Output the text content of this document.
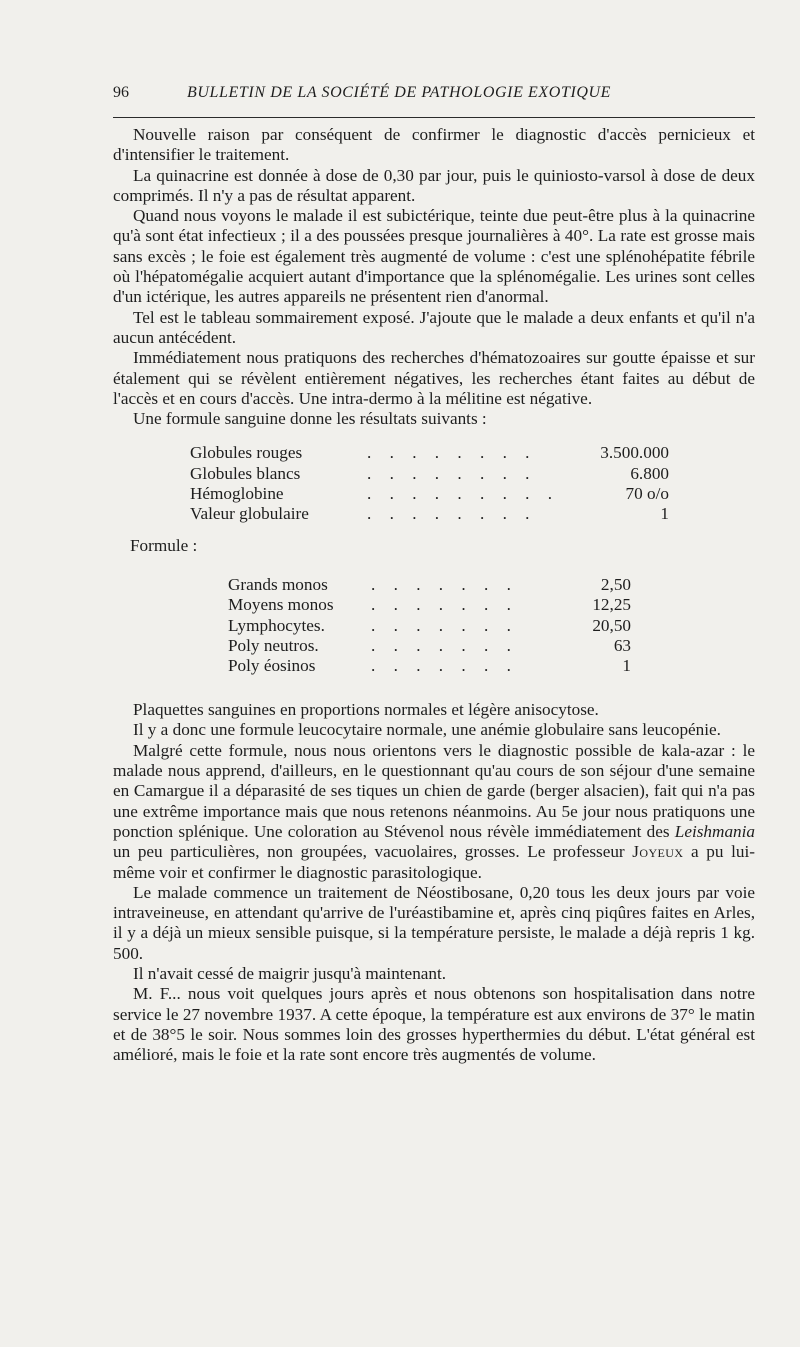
96	BULLETIN DE LA SOCIÉTÉ DE PATHOLOGIE EXOTIQUE

Nouvelle raison par conséquent de confirmer le diagnostic d'accès pernicieux et d'intensifier le traitement.

La quinacrine est donnée à dose de 0,30 par jour, puis le quiniosto-varsol à dose de deux comprimés. Il n'y a pas de résultat apparent.

Quand nous voyons le malade il est subictérique, teinte due peut-être plus à la quinacrine qu'à sont état infectieux ; il a des poussées presque journalières à 40°. La rate est grosse mais sans excès ; le foie est également très augmenté de volume : c'est une splénohépatite fébrile où l'hépatomégalie acquiert autant d'importance que la splénomégalie. Les urines sont celles d'un ictérique, les autres appareils ne présentent rien d'anormal.

Tel est le tableau sommairement exposé. J'ajoute que le malade a deux enfants et qu'il n'a aucun antécédent.

Immédiatement nous pratiquons des recherches d'hématozoaires sur goutte épaisse et sur étalement qui se révèlent entièrement négatives, les recherches étant faites au début de l'accès et en cours d'accès. Une intra-dermo à la mélitine est négative.

Une formule sanguine donne les résultats suivants :

Globules rouges	. . . . . . . .	3.500.000
Globules blancs	. . . . . . . .	6.800
Hémoglobine	. . . . . . . . .	70 o/o
Valeur globulaire	. . . . . . . .	1
Formule :
Grands monos	. . . . . . .	2,50
Moyens monos . . . . . . .	12,25
Lymphocytes.	. . . . . . .	20,50
Poly neutros.	. . . . . . .	63
Poly éosinos	. . . . . . .	1

Plaquettes sanguines en proportions normales et légère anisocytose.

Il y a donc une formule leucocytaire normale, une anémie globulaire sans leucopénie.

Malgré cette formule, nous nous orientons vers le diagnostic possible de kala-azar : le malade nous apprend, d'ailleurs, en le questionnant qu'au cours de son séjour d'une semaine en Camargue il a déparasité de ses tiques un chien de garde (berger alsacien), fait qui n'a pas une extrême importance mais que nous retenons néanmoins. Au 5e jour nous pratiquons une ponction splénique. Une coloration au Stévenol nous révèle immédiatement des Leishmania un peu particulières, non groupées, vacuolaires, grosses. Le professeur Joyeux a pu lui-même voir et confirmer le diagnostic parasitologique.

Le malade commence un traitement de Néostibosane, 0,20 tous les deux jours par voie intraveineuse, en attendant qu'arrive de l'uréastibamine et, après cinq piqûres faites en Arles, il y a déjà un mieux sensible puisque, si la température persiste, le malade a déjà repris 1 kg. 500.

Il n'avait cessé de maigrir jusqu'à maintenant.

M. F... nous voit quelques jours après et nous obtenons son hospitalisation dans notre service le 27 novembre 1937. A cette époque, la température est aux environs de 37° le matin et de 38°5 le soir. Nous sommes loin des grosses hyperthermies du début. L'état général est amélioré, mais le foie et la rate sont encore très augmentés de volume.
